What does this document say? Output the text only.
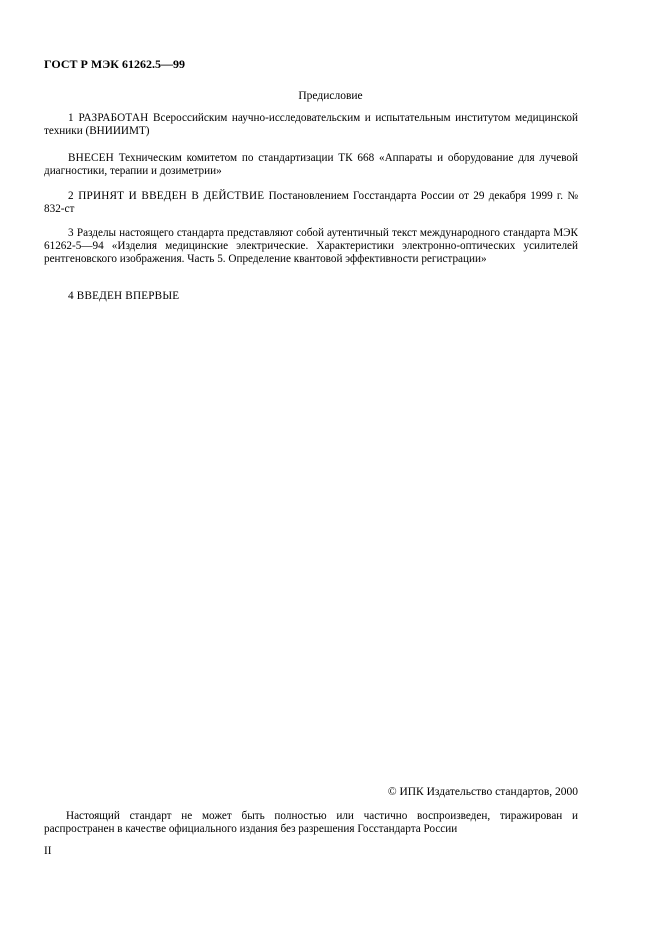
ГОСТ Р МЭК 61262.5—99
Предисловие
1 РАЗРАБОТАН Всероссийским научно-исследовательским и испытательным институтом медицинской техники (ВНИИИМТ)
ВНЕСЕН Техническим комитетом по стандартизации ТК 668 «Аппараты и оборудование для лучевой диагностики, терапии и дозиметрии»
2 ПРИНЯТ И ВВЕДЕН В ДЕЙСТВИЕ Постановлением Госстандарта России от 29 декабря 1999 г. № 832-ст
3 Разделы настоящего стандарта представляют собой аутентичный текст международного стандарта МЭК 61262-5—94 «Изделия медицинские электрические. Характеристики электронно-оптических усилителей рентгеновского изображения. Часть 5. Определение квантовой эффективности регистрации»
4 ВВЕДЕН ВПЕРВЫЕ
© ИПК Издательство стандартов, 2000
Настоящий стандарт не может быть полностью или частично воспроизведен, тиражирован и распространен в качестве официального издания без разрешения Госстандарта России
II
